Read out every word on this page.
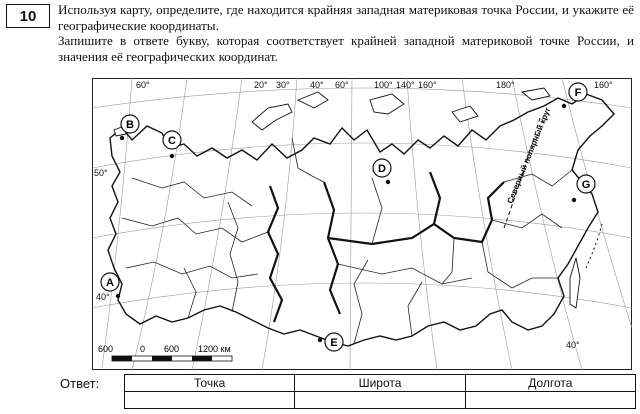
10	Используя карту, определите, где находится крайняя западная материковая точка России, и укажите её географические координаты.

Запишите в ответе букву, которая соответствует крайней западной материковой точке России, и значения её географических координат.

Северный полярный круг
60°	20° 30° 40° 60°	100° 140° 160°	180°	160°
50°
40°
40°
A
B
C
D
E
F
G
600	0 600 1200 км
Ответ:	Точка	Широта	Долгота
